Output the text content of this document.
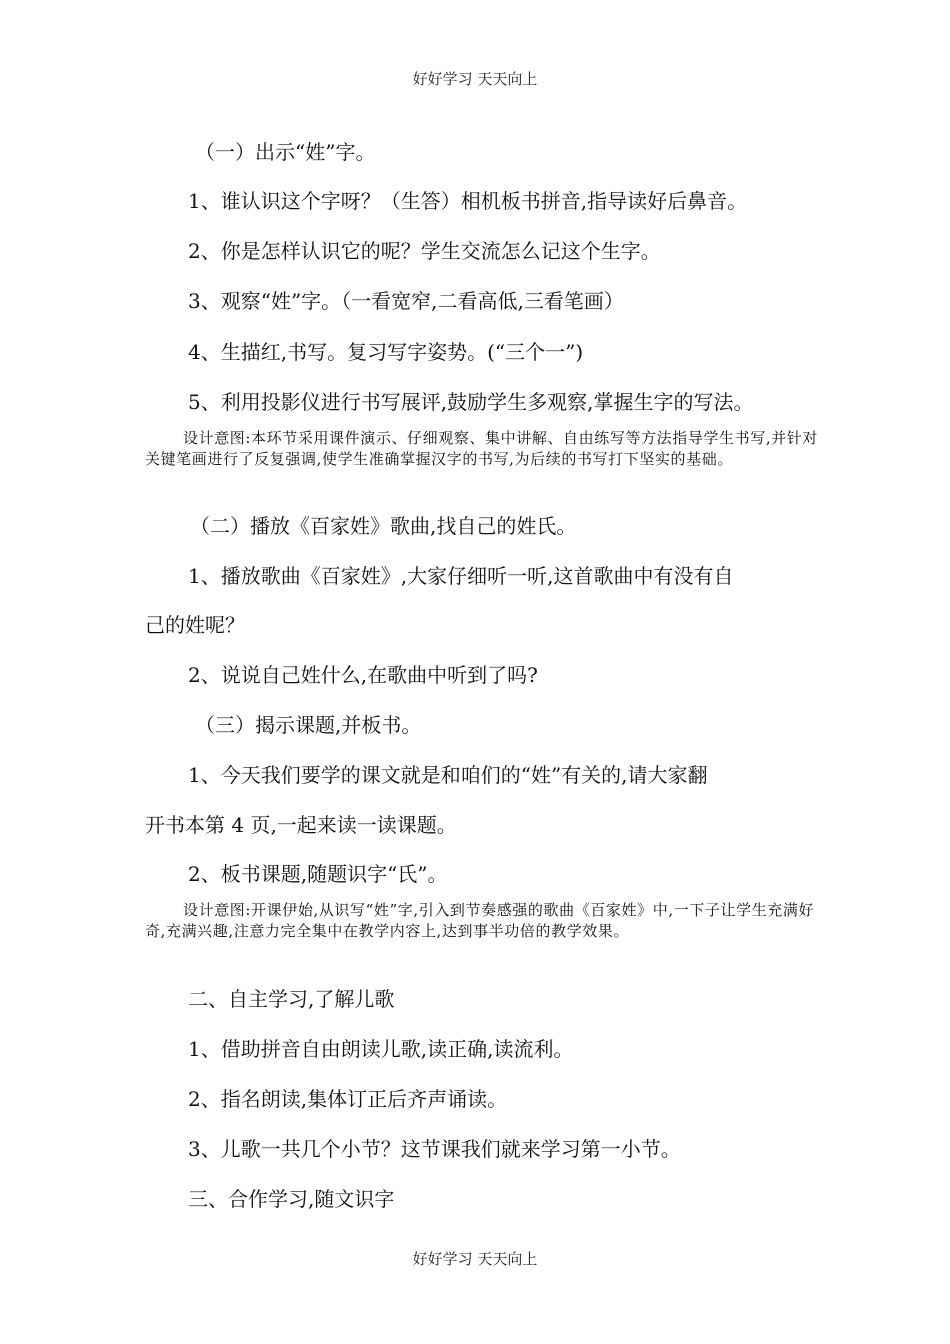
好好学习 天天向上
（一）出示“姓”字。
1、谁认识这个字呀？（生答）相机板书拼音,指导读好后鼻音。
2、你是怎样认识它的呢？学生交流怎么记这个生字。
3、观察“姓”字。（一看宽窄,二看高低,三看笔画）
4、生描红,书写。复习写字姿势。(“三个一”)
5、利用投影仪进行书写展评,鼓励学生多观察,掌握生字的写法。
设计意图:本环节采用课件演示、仔细观察、集中讲解、自由练写等方法指导学生书写,并针对关键笔画进行了反复强调,使学生准确掌握汉字的书写,为后续的书写打下坚实的基础。
（二）播放《百家姓》歌曲,找自己的姓氏。
1、播放歌曲《百家姓》,大家仔细听一听,这首歌曲中有没有自
己的姓呢？
2、说说自己姓什么,在歌曲中听到了吗?
（三）揭示课题,并板书。
1、今天我们要学的课文就是和咱们的“姓”有关的,请大家翻
开书本第 4 页,一起来读一读课题。
2、板书课题,随题识字“氏”。
设计意图:开课伊始,从识写“姓”字,引入到节奏感强的歌曲《百家姓》中,一下子让学生充满好奇,充满兴趣,注意力完全集中在教学内容上,达到事半功倍的教学效果。
二、自主学习,了解儿歌
1、借助拼音自由朗读儿歌,读正确,读流利。
2、指名朗读,集体订正后齐声诵读。
3、儿歌一共几个小节？这节课我们就来学习第一小节。
三、合作学习,随文识字
好好学习 天天向上
